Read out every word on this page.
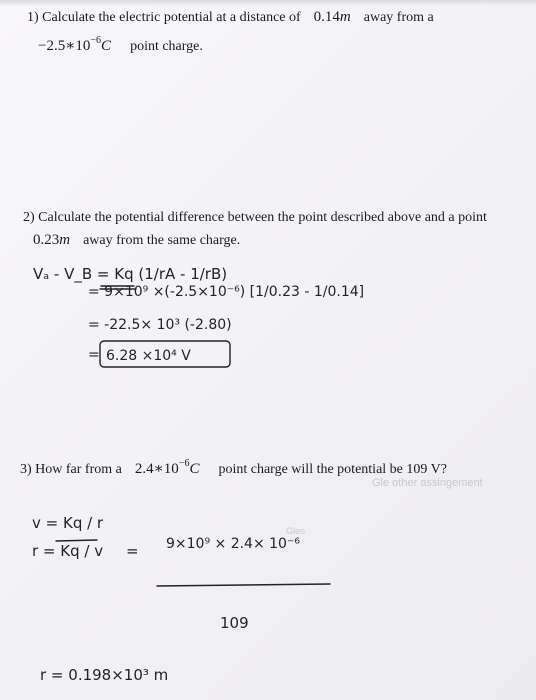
1) Calculate the electric potential at a distance of 0.14m away from a
$-2.5∗10^{-6}C$ point charge.
2) Calculate the potential difference between the point described above and a point
0.23m away from the same charge.
3) How far from a $2.4∗10^{-6}C$ point charge will the potential be 109 V?
Gle other assingement
Gleo
Vₐ - V_B = Kq (1/rA - 1/rB)
= 9×10⁹ ×(-2.5×10⁻⁶) [1/0.23 - 1/0.14]
= -22.5× 10³ (-2.80)
= 6.28 ×10⁴ V
v = Kq / r
r = Kq / v = 9×10⁹ × 2.4× 10⁻⁶
109
r = 0.198×10³ m
